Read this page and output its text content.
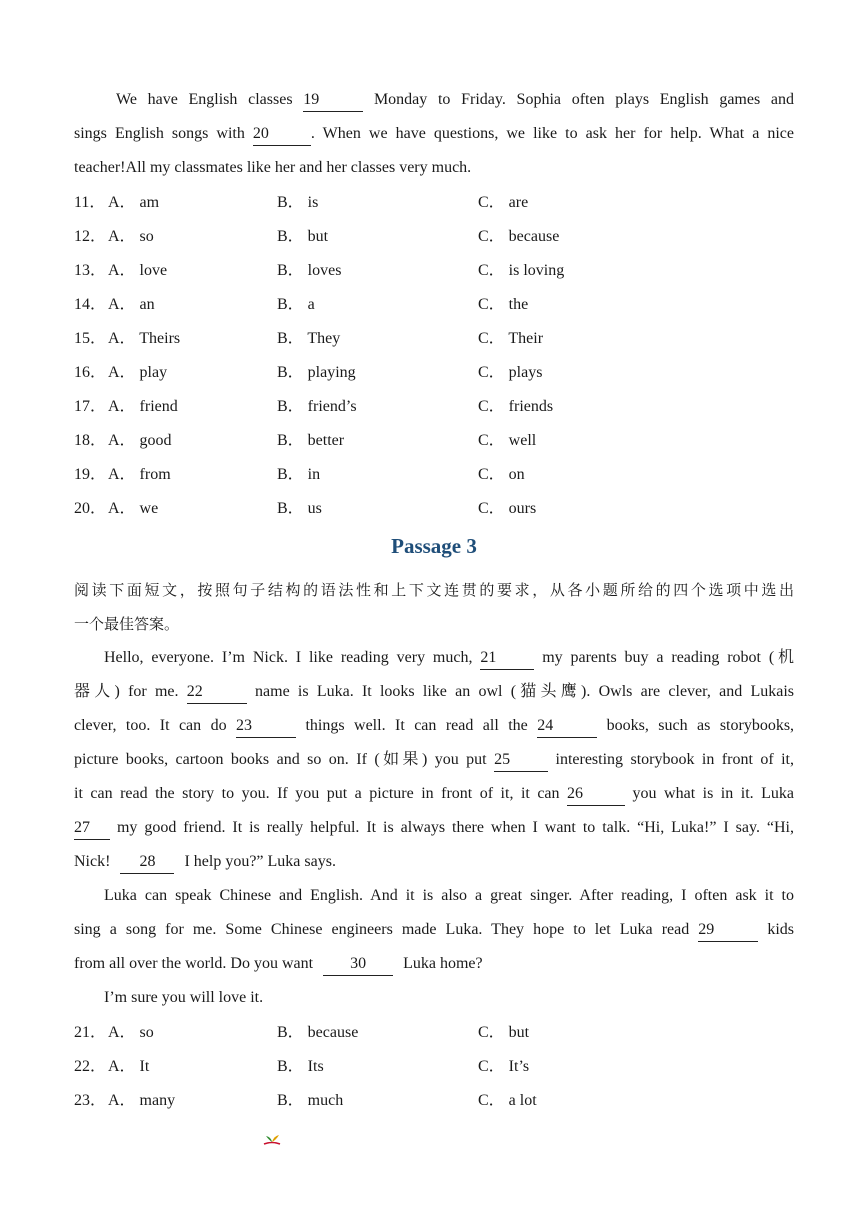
We have English classes 19	Monday to Friday. Sophia often plays English games and
sings English songs with 20	. When we have questions, we like to ask her for help. What a nice
teacher!All my classmates like her and her classes very much.
11． A． am	B． is	C． are
12． A． so	B． but	C． because
13． A． love	B． loves	C． is loving
14． A． an	B． a	C． the
15． A． Theirs	B． They	C． Their
16． A． play	B． playing	C． plays
17． A． friend	B． friend’s	C． friends
18． A． good	B． better	C． well
19． A． from	B． in	C． on
20． A． we	B． us	C． ours
Passage 3
阅读下面短文，按照句子结构的语法性和上下文连贯的要求，从各小题所给的四个选项中选出
一个最佳答案。
Hello, everyone. I’m Nick. I like reading very much, 21	my parents buy a reading robot (机
器人) for me. 22	name is Luka. It looks like an owl (猫头鹰). Owls are clever, and Lukais
clever, too. It can do 23	things well. It can read all the 24	books, such as storybooks,
picture books, cartoon books and so on. If (如果) you put 25	interesting storybook in front of it,
it can read the story to you. If you put a picture in front of it, it can 26	you what is in it. Luka
27 my good friend. It is really helpful. It is always there when I want to talk. “Hi, Luka!” I say. “Hi,
Nick! 28 I help you?” Luka says.
Luka can speak Chinese and English. And it is also a great singer. After reading, I often ask it to
sing a song for me. Some Chinese engineers made Luka. They hope to let Luka read 29	kids
from all over the world. Do you want 30 Luka home?
I’m sure you will love it.
21． A． so	B． because	C． but
22． A． It	B． Its	C． It’s
23． A． many	B． much	C． a lot
